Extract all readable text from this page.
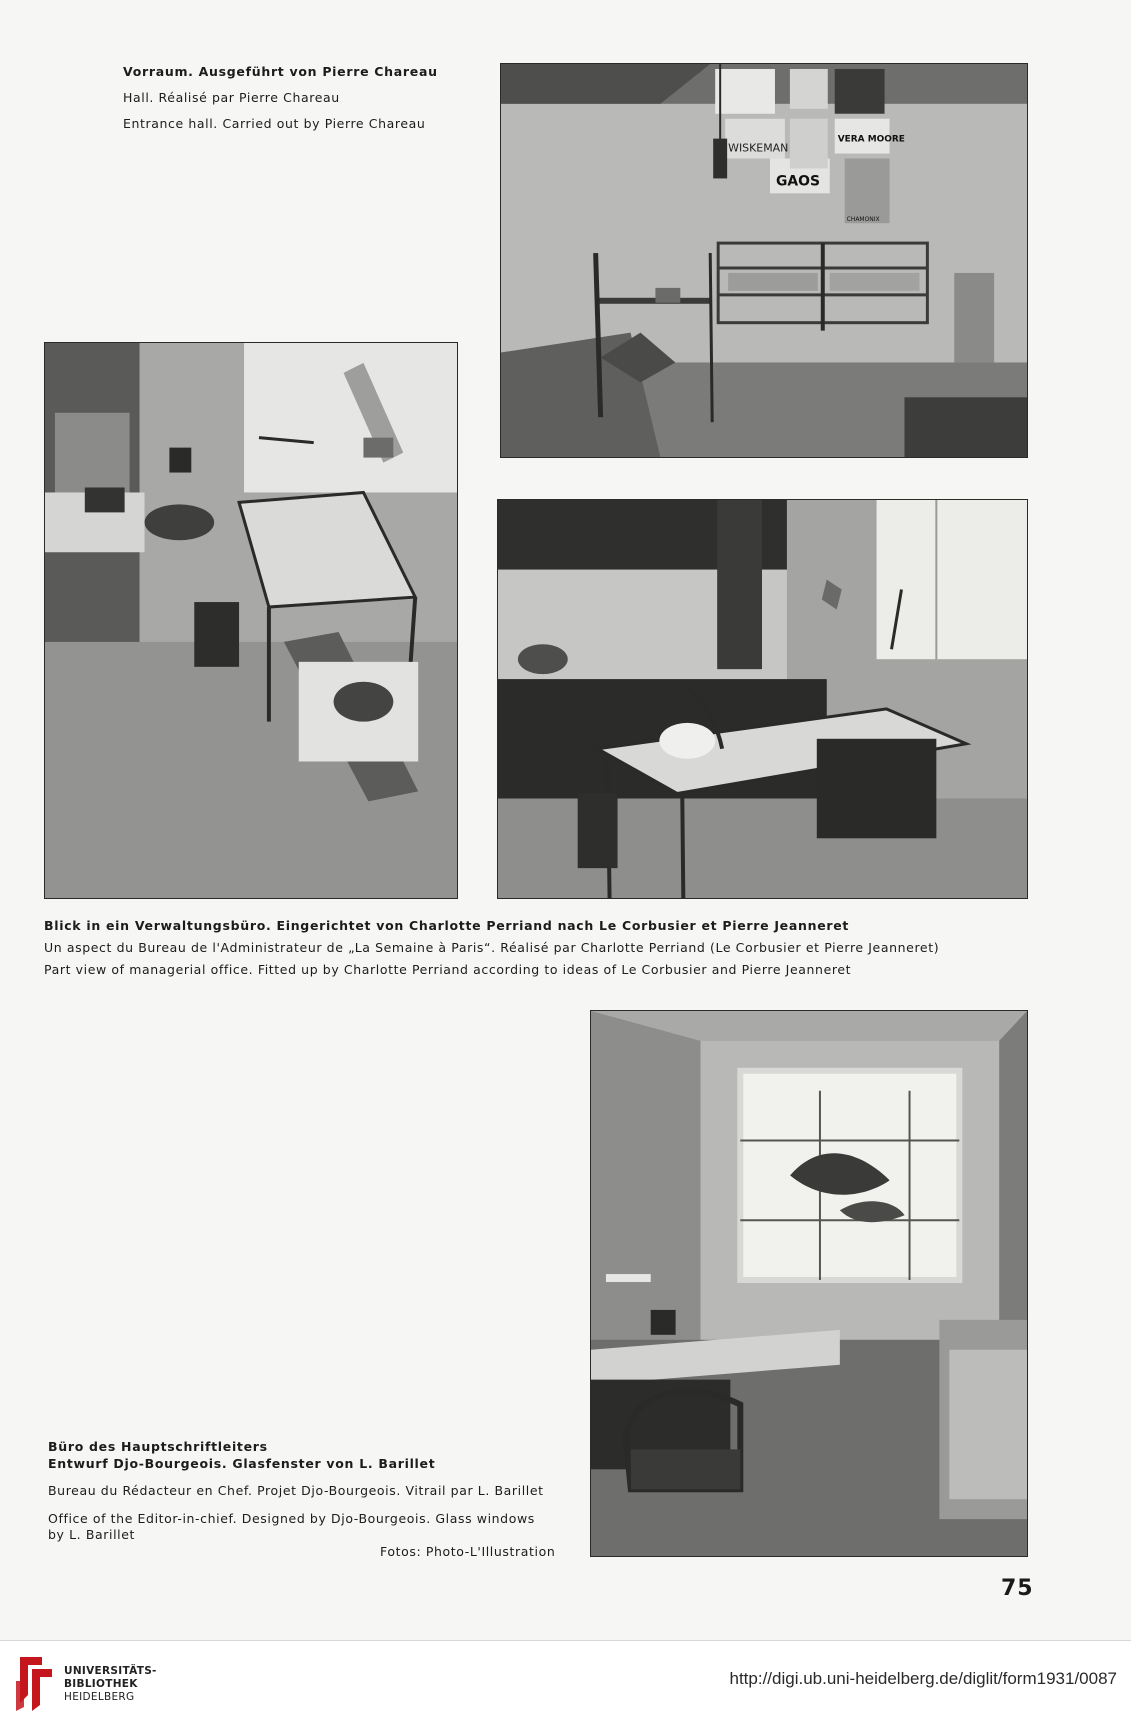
Vorraum. Ausgeführt von Pierre Chareau
Hall. Réalisé par Pierre Chareau
Entrance hall. Carried out by Pierre Chareau
WISKEMAN
GAOS
VERA MOORE
CHAMONIX
Blick in ein Verwaltungsbüro. Eingerichtet von Charlotte Perriand nach Le Corbusier et Pierre Jeanneret
Un aspect du Bureau de l'Administrateur de „La Semaine à Paris“. Réalisé par Charlotte Perriand (Le Corbusier et Pierre Jeanneret)
Part view of managerial office. Fitted up by Charlotte Perriand according to ideas of Le Corbusier and Pierre Jeanneret
Büro des Hauptschriftleiters
Entwurf Djo-Bourgeois. Glasfenster von L. Barillet
Bureau du Rédacteur en Chef. Projet Djo-Bourgeois. Vitrail par L. Barillet
Office of the Editor-in-chief. Designed by Djo-Bourgeois. Glass windows
by L. Barillet
Fotos: Photo-L'Illustration
75
UNIVERSITÄTS-
BIBLIOTHEK
HEIDELBERG
http://digi.ub.uni-heidelberg.de/diglit/form1931/0087
